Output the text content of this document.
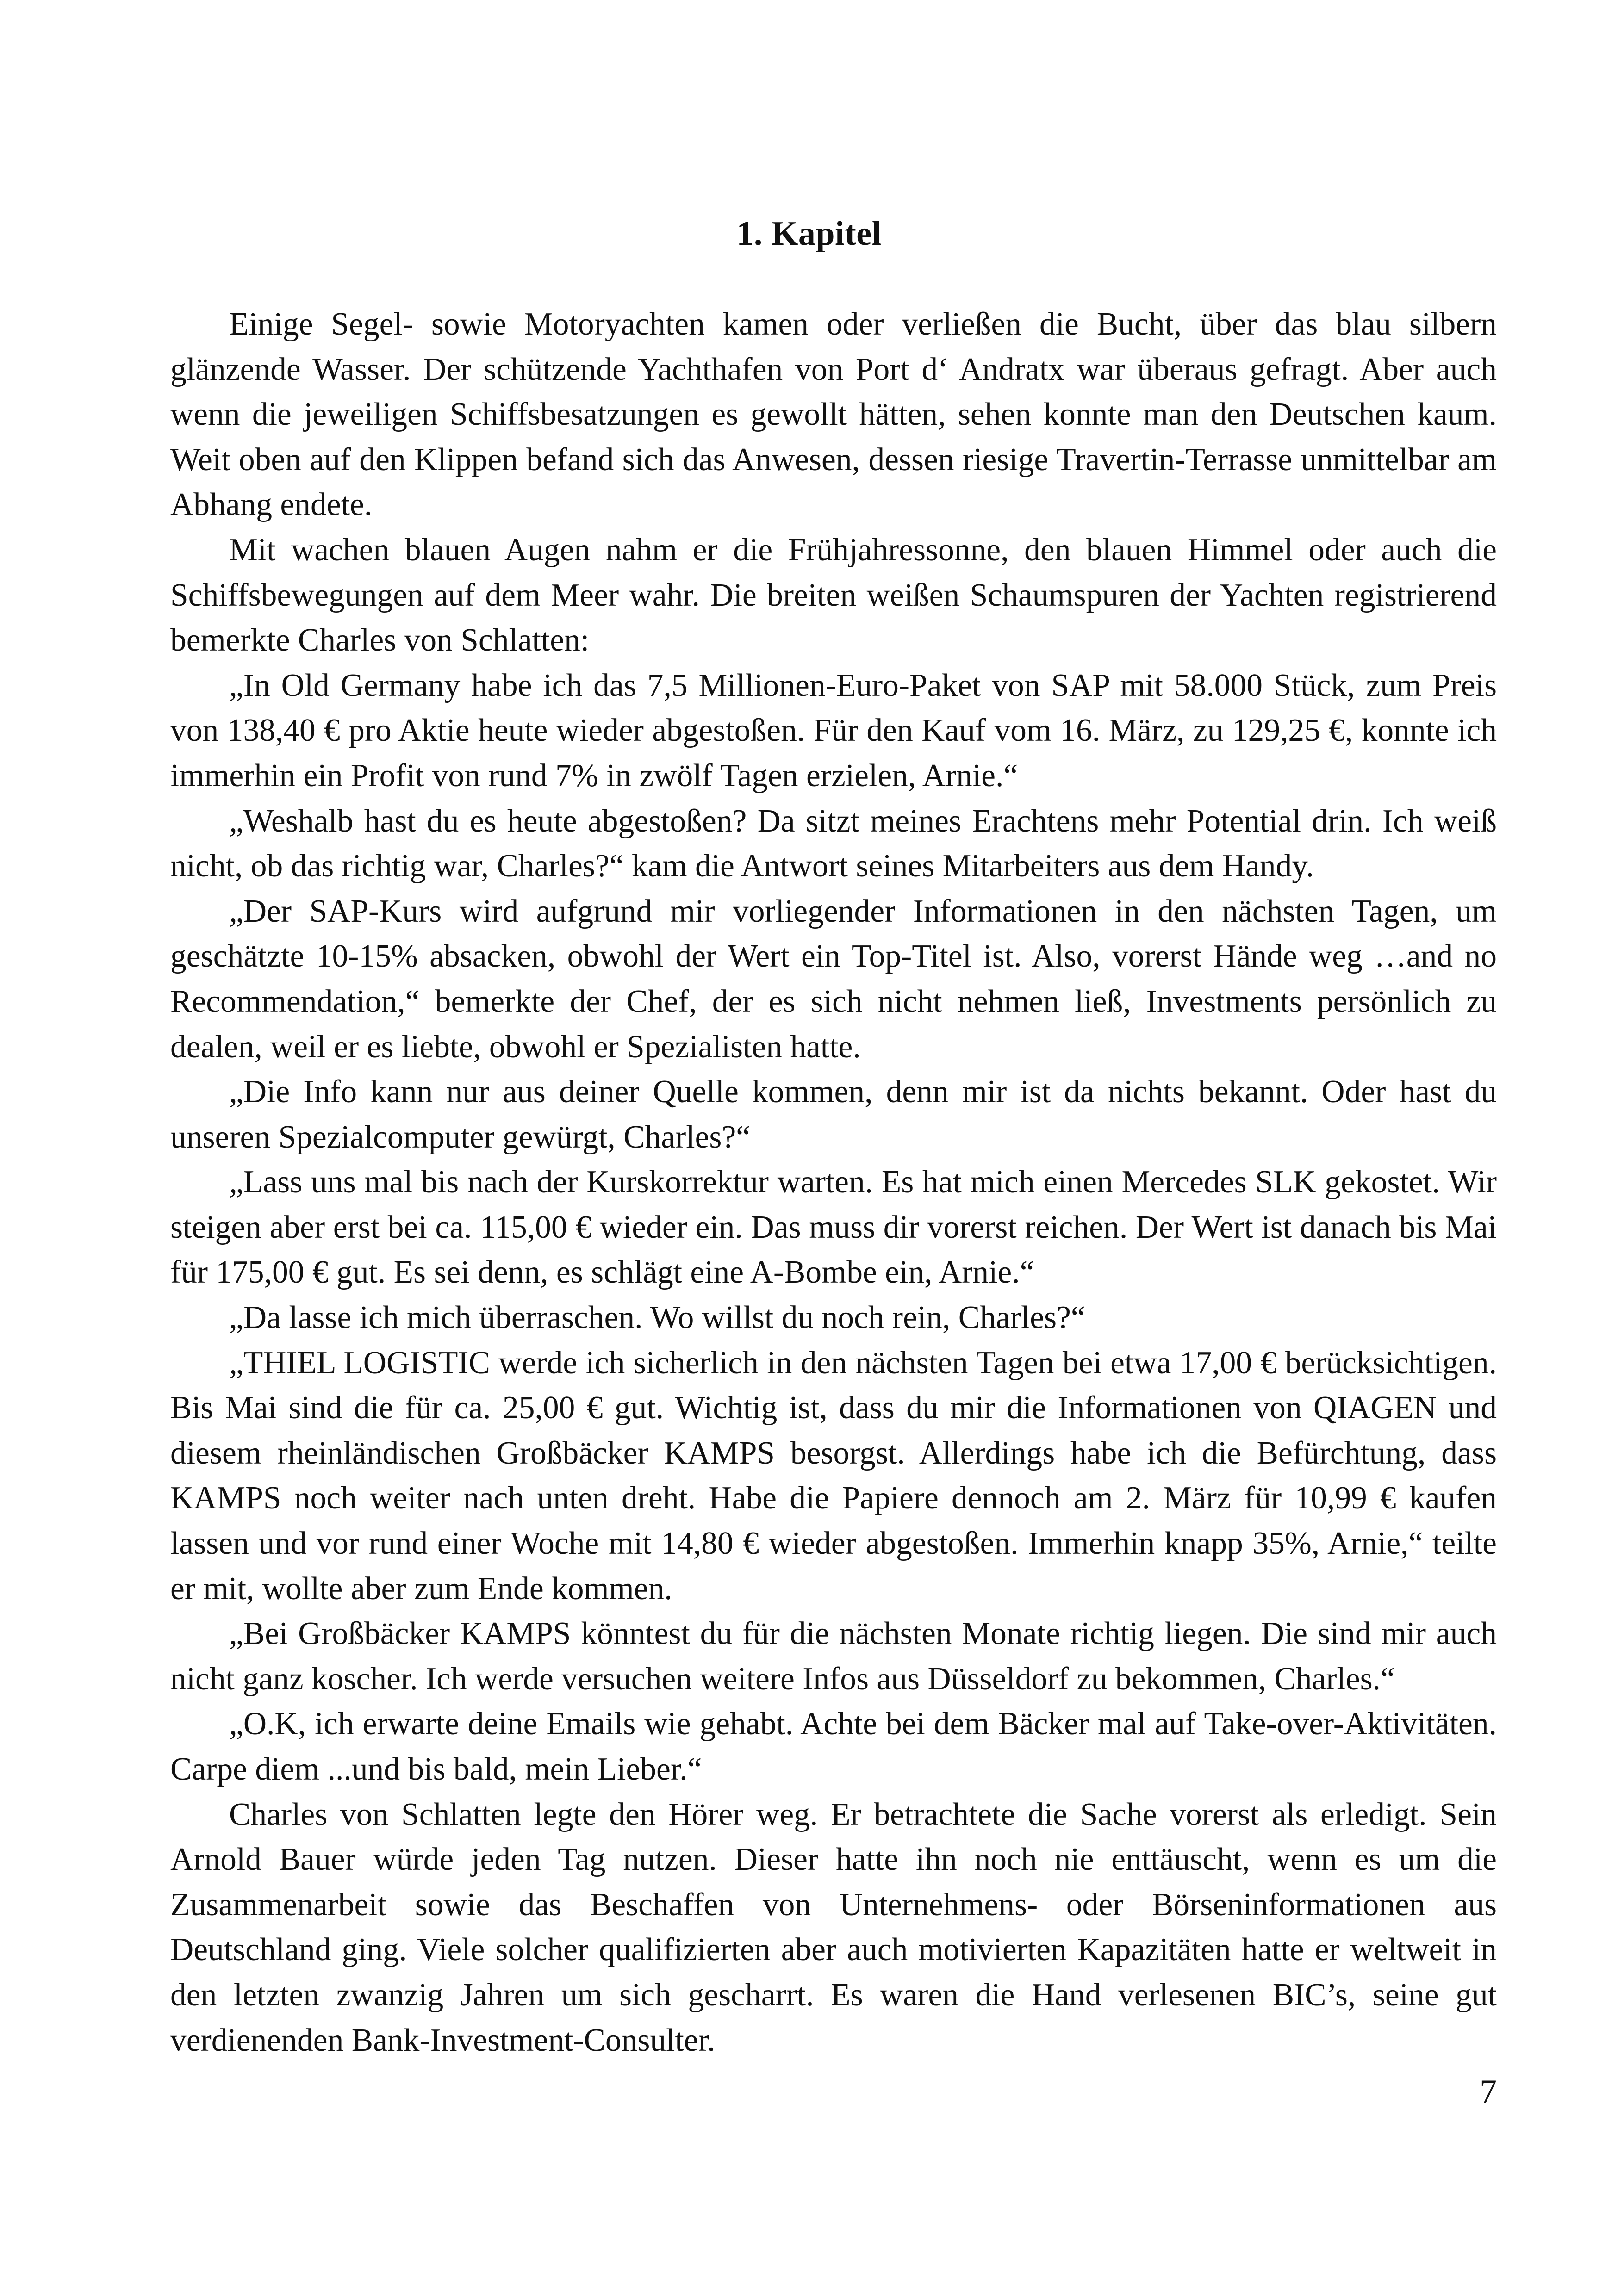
1. Kapitel

Einige Segel- sowie Motoryachten kamen oder verließen die Bucht, über das blau silbern glänzende Wasser. Der schützende Yachthafen von Port d‘ Andratx war überaus gefragt. Aber auch wenn die jeweiligen Schiffsbesatzungen es gewollt hätten, sehen konnte man den Deutschen kaum. Weit oben auf den Klippen befand sich das Anwesen, dessen riesige Travertin-Terrasse unmittelbar am Abhang endete.

Mit wachen blauen Augen nahm er die Frühjahressonne, den blauen Himmel oder auch die Schiffsbewegungen auf dem Meer wahr. Die breiten weißen Schaumspuren der Yachten registrierend bemerkte Charles von Schlatten:

„In Old Germany habe ich das 7,5 Millionen-Euro-Paket von SAP mit 58.000 Stück, zum Preis von 138,40 € pro Aktie heute wieder abgestoßen. Für den Kauf vom 16. März, zu 129,25 €, konnte ich immerhin ein Profit von rund 7% in zwölf Tagen erzielen, Arnie.“

„Weshalb hast du es heute abgestoßen? Da sitzt meines Erachtens mehr Potential drin. Ich weiß nicht, ob das richtig war, Charles?“ kam die Antwort seines Mitarbeiters aus dem Handy.

„Der SAP-Kurs wird aufgrund mir vorliegender Informationen in den nächsten Tagen, um geschätzte 10-15% absacken, obwohl der Wert ein Top-Titel ist. Also, vorerst Hände weg …and no Recommendation,“ bemerkte der Chef, der es sich nicht nehmen ließ, Investments persönlich zu dealen, weil er es liebte, obwohl er Spezialisten hatte.

„Die Info kann nur aus deiner Quelle kommen, denn mir ist da nichts bekannt. Oder hast du unseren Spezialcomputer gewürgt, Charles?“

„Lass uns mal bis nach der Kurskorrektur warten. Es hat mich einen Mercedes SLK gekostet. Wir steigen aber erst bei ca. 115,00 € wieder ein. Das muss dir vorerst reichen. Der Wert ist danach bis Mai für 175,00 € gut. Es sei denn, es schlägt eine A-Bombe ein, Arnie.“

„Da lasse ich mich überraschen. Wo willst du noch rein, Charles?“

„THIEL LOGISTIC werde ich sicherlich in den nächsten Tagen bei etwa 17,00 € berücksichtigen. Bis Mai sind die für ca. 25,00 € gut. Wichtig ist, dass du mir die Informationen von QIAGEN und diesem rheinländischen Großbäcker KAMPS besorgst. Allerdings habe ich die Befürchtung, dass KAMPS noch weiter nach unten dreht. Habe die Papiere dennoch am 2. März für 10,99 € kaufen lassen und vor rund einer Woche mit 14,80 € wieder abgestoßen. Immerhin knapp 35%, Arnie,“ teilte er mit, wollte aber zum Ende kommen.

„Bei Großbäcker KAMPS könntest du für die nächsten Monate richtig liegen. Die sind mir auch nicht ganz koscher. Ich werde versuchen weitere Infos aus Düsseldorf zu bekommen, Charles.“

„O.K, ich erwarte deine Emails wie gehabt. Achte bei dem Bäcker mal auf Take-over-Aktivitäten. Carpe diem ...und bis bald, mein Lieber.“

Charles von Schlatten legte den Hörer weg. Er betrachtete die Sache vorerst als erledigt. Sein Arnold Bauer würde jeden Tag nutzen. Dieser hatte ihn noch nie enttäuscht, wenn es um die Zusammenarbeit sowie das Beschaffen von Unternehmens- oder Börseninformationen aus Deutschland ging. Viele solcher qualifizierten aber auch motivierten Kapazitäten hatte er weltweit in den letzten zwanzig Jahren um sich gescharrt. Es waren die Hand verlesenen BIC’s, seine gut verdienenden Bank-Investment-Consulter.

7
